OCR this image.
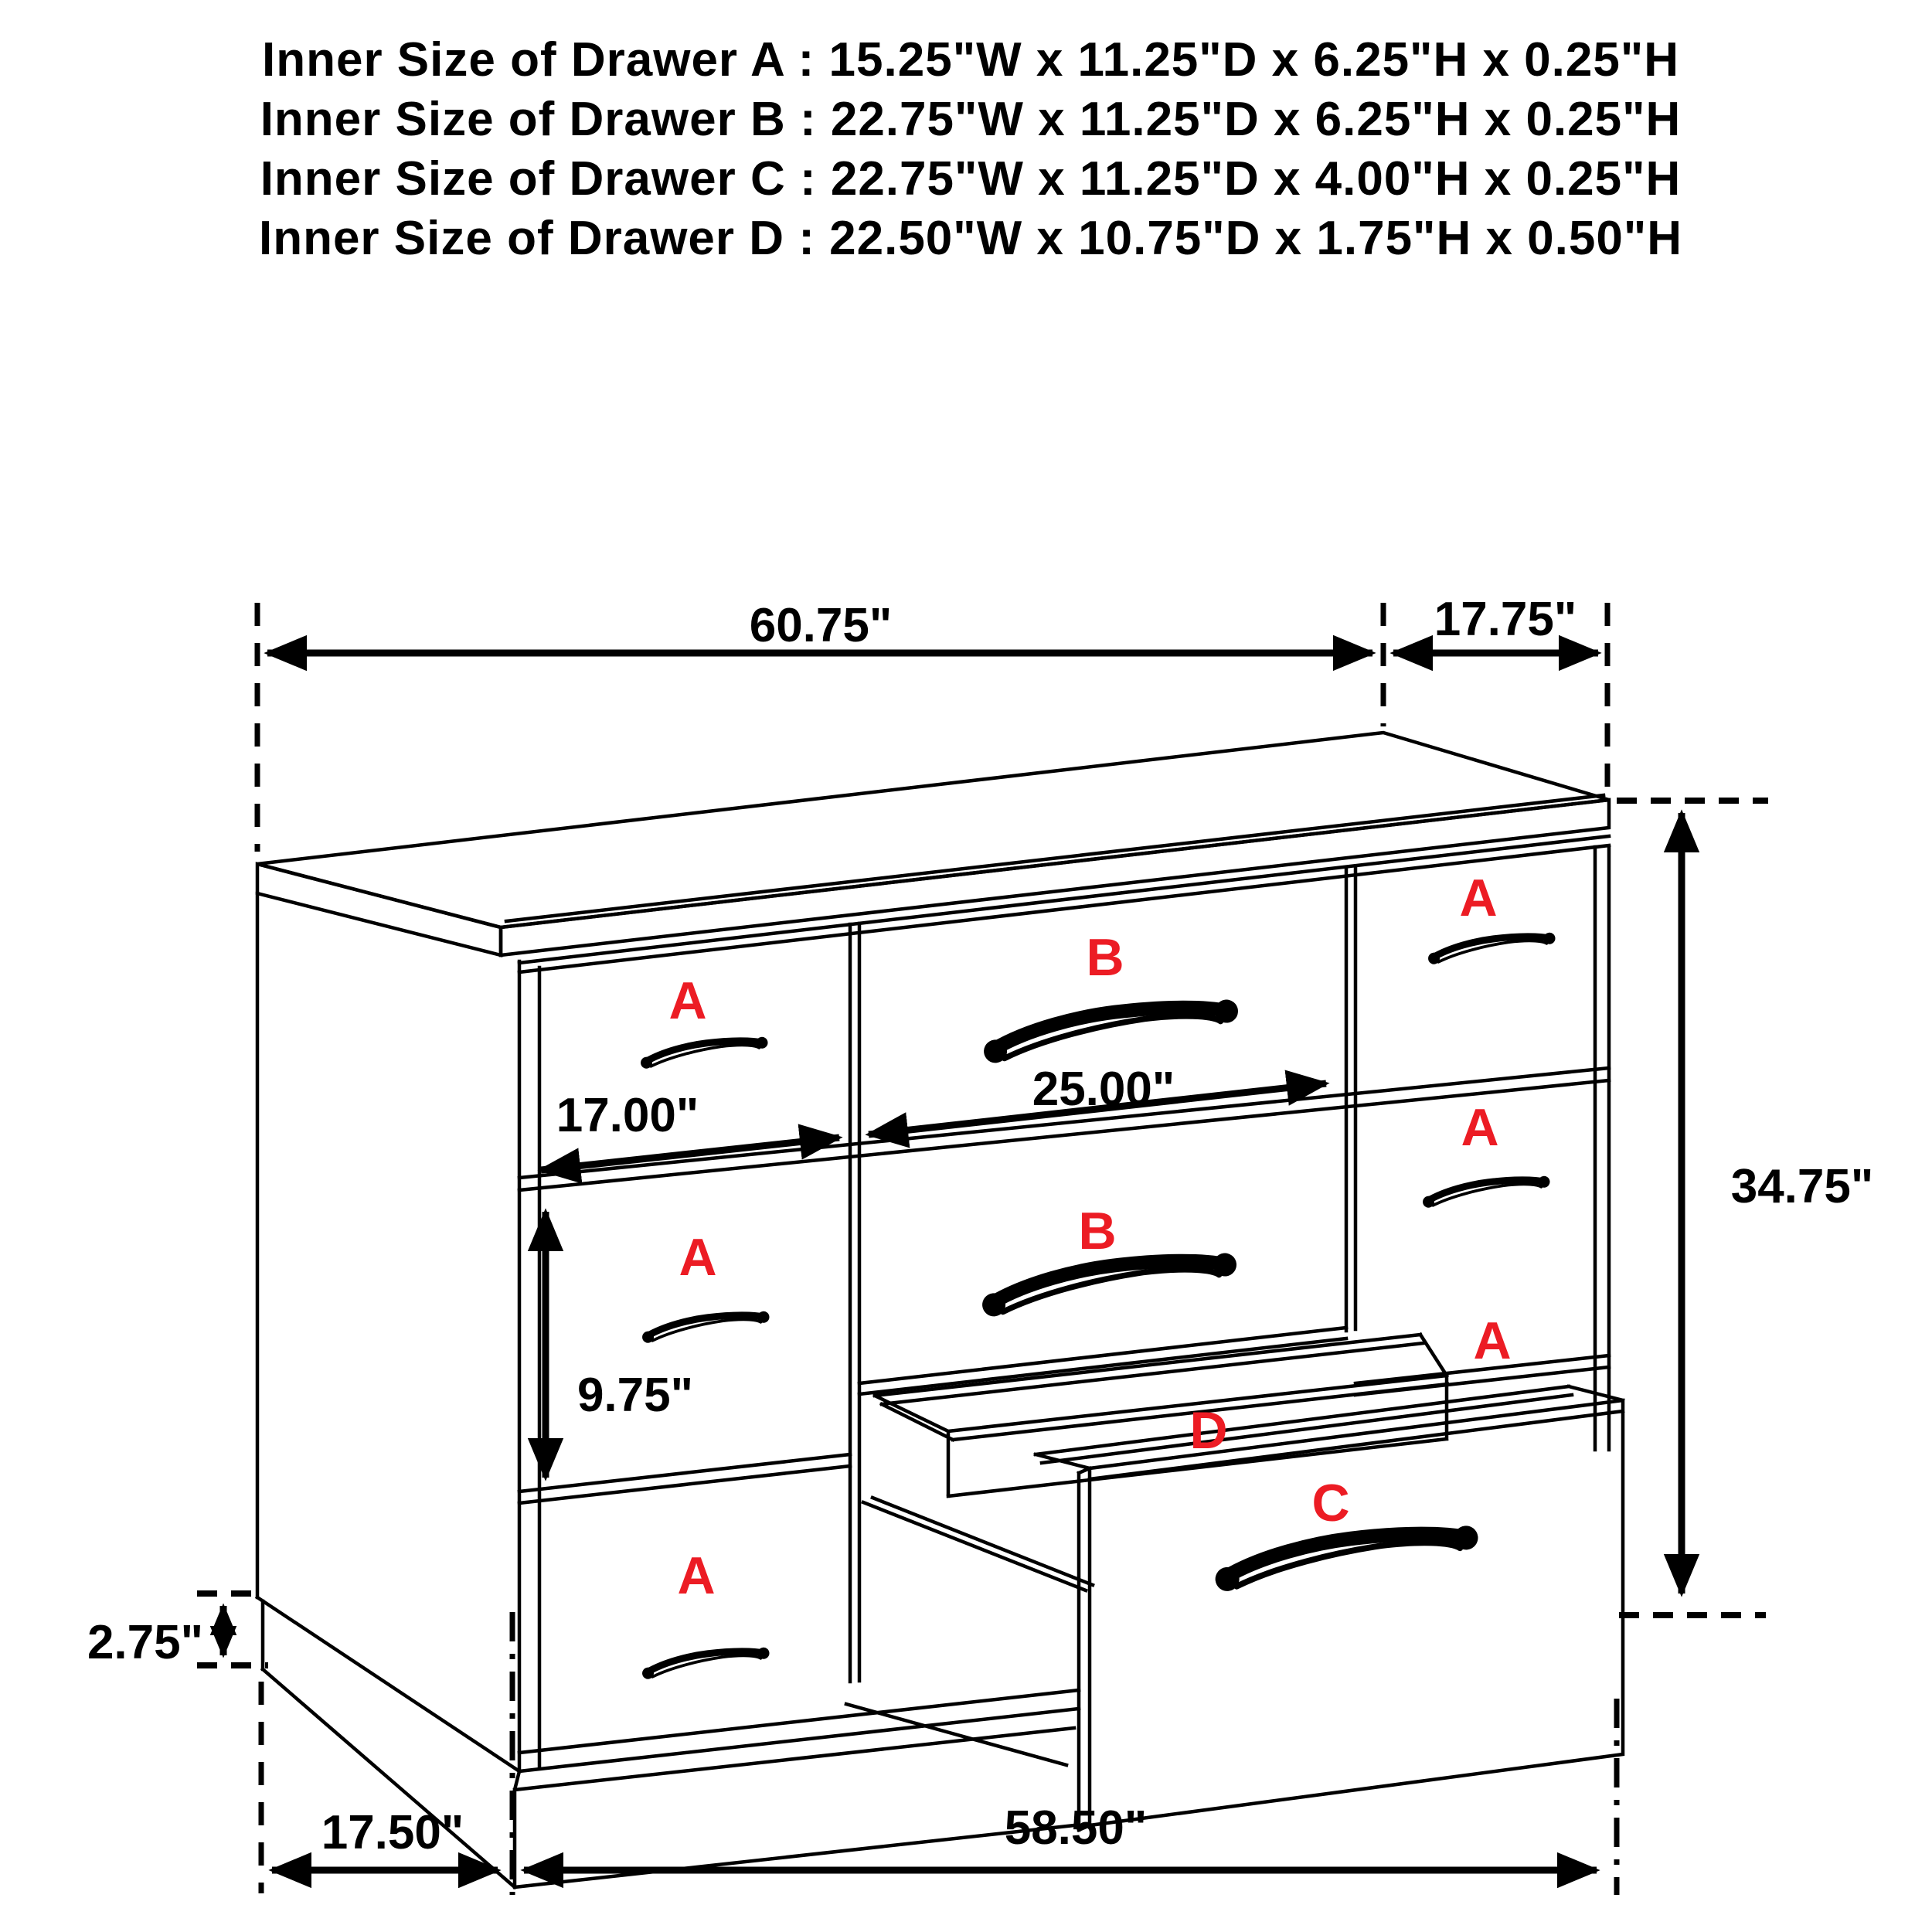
Inner Size of Drawer A : 15.25"W x 11.25"D x 6.25"H x 0.25"H
Inner Size of Drawer B : 22.75"W x 11.25"D x 6.25"H x 0.25"H
Inner Size of Drawer C : 22.75"W x 11.25"D x 4.00"H x 0.25"H
Inner Size of Drawer D : 22.50"W x 10.75"D x 1.75"H x 0.50"H
A
A
A
A
A
A
B
B
C
D
60.75"	17.75"
34.75"
17.00"	25.00"
9.75"
2.75"
17.50"	58.50"
